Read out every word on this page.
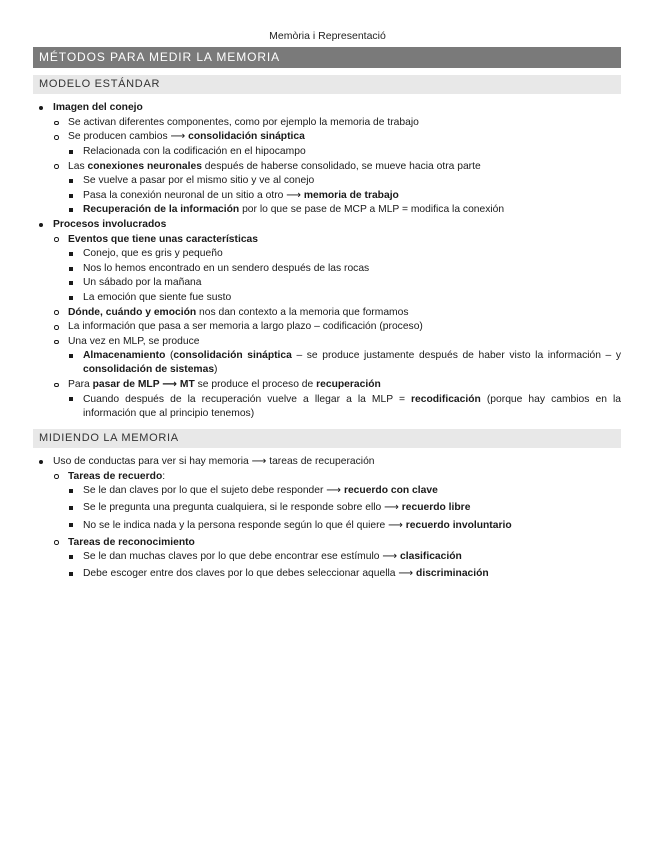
Memòria i Representació
MÉTODOS PARA MEDIR LA MEMORIA
MODELO ESTÁNDAR
Imagen del conejo
Se activan diferentes componentes, como por ejemplo la memoria de trabajo
Se producen cambios ⟶ consolidación sináptica
Relacionada con la codificación en el hipocampo
Las conexiones neuronales después de haberse consolidado, se mueve hacia otra parte
Se vuelve a pasar por el mismo sitio y ve al conejo
Pasa la conexión neuronal de un sitio a otro ⟶ memoria de trabajo
Recuperación de la información por lo que se pase de MCP a MLP = modifica la conexión
Procesos involucrados
Eventos que tiene unas características
Conejo, que es gris y pequeño
Nos lo hemos encontrado en un sendero después de las rocas
Un sábado por la mañana
La emoción que siente fue susto
Dónde, cuándo y emoción nos dan contexto a la memoria que formamos
La información que pasa a ser memoria a largo plazo – codificación (proceso)
Una vez en MLP, se produce
Almacenamiento (consolidación sináptica – se produce justamente después de haber visto la información – y consolidación de sistemas)
Para pasar de MLP ⟶ MT se produce el proceso de recuperación
Cuando después de la recuperación vuelve a llegar a la MLP = recodificación (porque hay cambios en la información que al principio tenemos)
MIDIENDO LA MEMORIA
Uso de conductas para ver si hay memoria ⟶ tareas de recuperación
Tareas de recuerdo:
Se le dan claves por lo que el sujeto debe responder ⟶ recuerdo con clave
Se le pregunta una pregunta cualquiera, si le responde sobre ello ⟶ recuerdo libre
No se le indica nada y la persona responde según lo que él quiere ⟶ recuerdo involuntario
Tareas de reconocimiento
Se le dan muchas claves por lo que debe encontrar ese estímulo ⟶ clasificación
Debe escoger entre dos claves por lo que debes seleccionar aquella ⟶ discriminación
